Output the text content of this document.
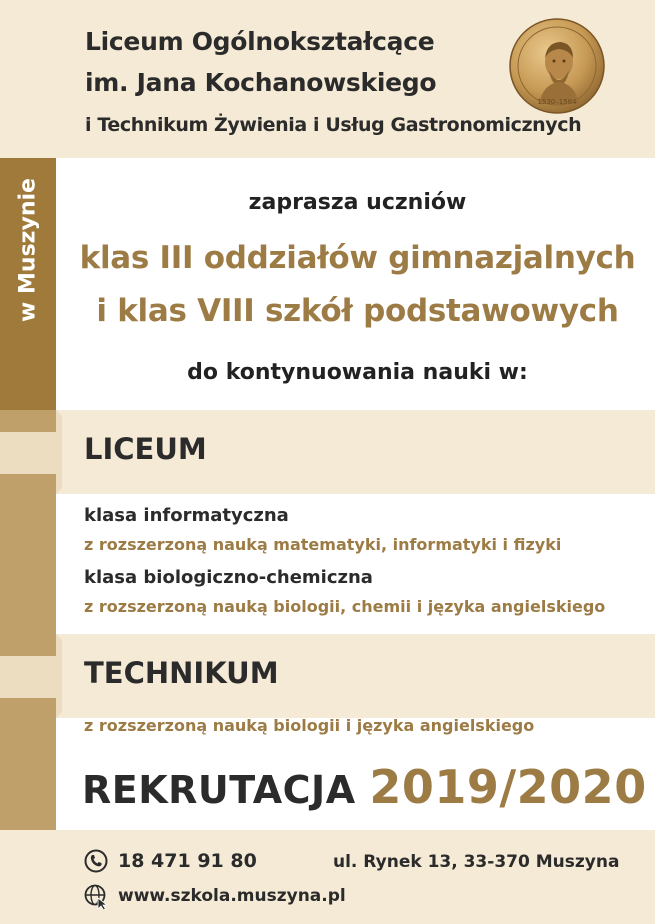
w Muszynie
Liceum Ogólnokształcące
im. Jana Kochanowskiego
i Technikum Żywienia i Usług Gastronomicznych
1530–1584
zaprasza uczniów
klas III oddziałów gimnazjalnych
i klas VIII szkół podstawowych
do kontynuowania nauki w:
LICEUM
klasa informatyczna
z rozszerzoną nauką matematyki, informatyki i fizyki
klasa biologiczno-chemiczna
z rozszerzoną nauką biologii, chemii i języka angielskiego
TECHNIKUM
z rozszerzoną nauką biologii i języka angielskiego
REKRUTACJA 2019/2020
18 471 91 80	ul. Rynek 13, 33-370 Muszyna
www.szkola.muszyna.pl
